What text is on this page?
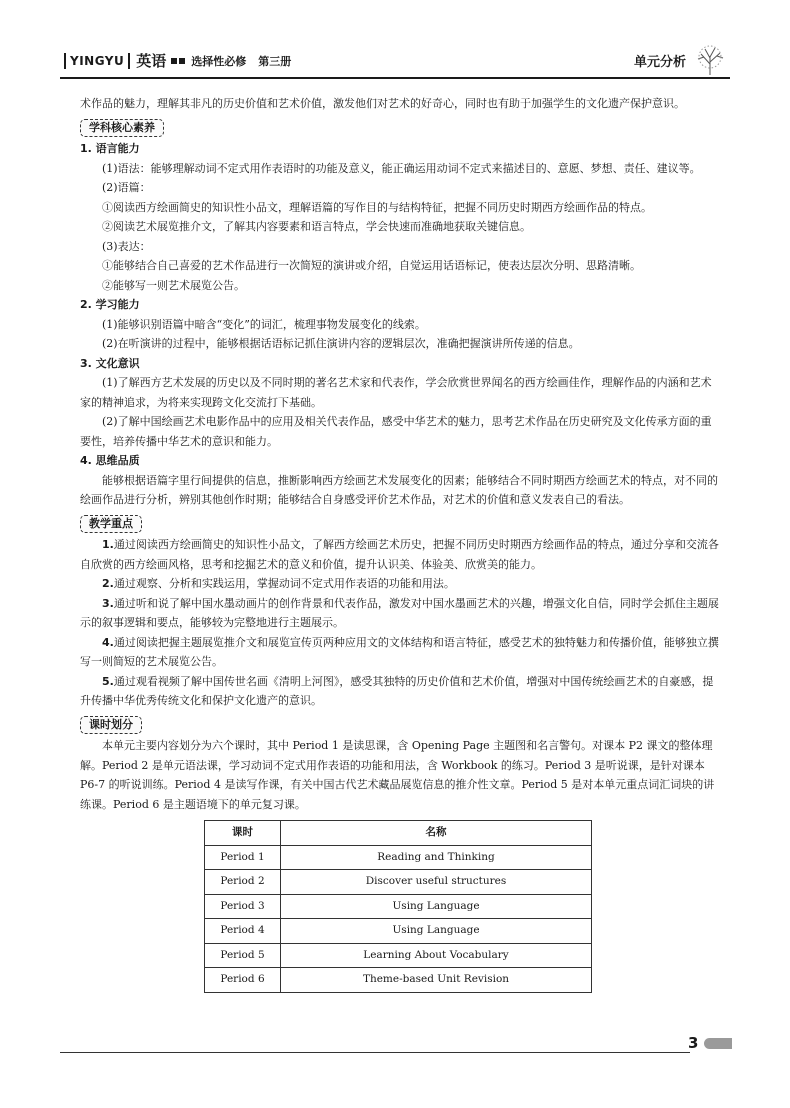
YINGYU 英语 选择性必修 第三册	单元分析

术作品的魅力，理解其非凡的历史价值和艺术价值，激发他们对艺术的好奇心，同时也有助于加强学生的文化遗产保护意识。

学科核心素养

1. 语言能力

(1)语法：能够理解动词不定式用作表语时的功能及意义，能正确运用动词不定式来描述目的、意愿、梦想、责任、建议等。

(2)语篇：

①阅读西方绘画简史的知识性小品文，理解语篇的写作目的与结构特征，把握不同历史时期西方绘画作品的特点。

②阅读艺术展览推介文，了解其内容要素和语言特点，学会快速而准确地获取关键信息。

(3)表达：

①能够结合自己喜爱的艺术作品进行一次简短的演讲或介绍，自觉运用话语标记，使表达层次分明、思路清晰。

②能够写一则艺术展览公告。

2. 学习能力

(1)能够识别语篇中暗含“变化”的词汇，梳理事物发展变化的线索。

(2)在听演讲的过程中，能够根据话语标记抓住演讲内容的逻辑层次，准确把握演讲所传递的信息。

3. 文化意识

(1)了解西方艺术发展的历史以及不同时期的著名艺术家和代表作，学会欣赏世界闻名的西方绘画佳作，理解作品的内涵和艺术家的精神追求，为将来实现跨文化交流打下基础。

(2)了解中国绘画艺术电影作品中的应用及相关代表作品，感受中华艺术的魅力，思考艺术作品在历史研究及文化传承方面的重要性，培养传播中华艺术的意识和能力。

4. 思维品质

能够根据语篇字里行间提供的信息，推断影响西方绘画艺术发展变化的因素；能够结合不同时期西方绘画艺术的特点，对不同的绘画作品进行分析，辨别其他创作时期；能够结合自身感受评价艺术作品，对艺术的价值和意义发表自己的看法。

教学重点

1.通过阅读西方绘画简史的知识性小品文，了解西方绘画艺术历史，把握不同历史时期西方绘画作品的特点，通过分享和交流各自欣赏的西方绘画风格，思考和挖掘艺术的意义和价值，提升认识美、体验美、欣赏美的能力。

2.通过观察、分析和实践运用，掌握动词不定式用作表语的功能和用法。

3.通过听和说了解中国水墨动画片的创作背景和代表作品，激发对中国水墨画艺术的兴趣，增强文化自信，同时学会抓住主题展示的叙事逻辑和要点，能够较为完整地进行主题展示。

4.通过阅读把握主题展览推介文和展览宣传页两种应用文的文体结构和语言特征，感受艺术的独特魅力和传播价值，能够独立撰写一则简短的艺术展览公告。

5.通过观看视频了解中国传世名画《清明上河图》，感受其独特的历史价值和艺术价值，增强对中国传统绘画艺术的自豪感，提升传播中华优秀传统文化和保护文化遗产的意识。

课时划分

本单元主要内容划分为六个课时，其中 Period 1 是读思课，含 Opening Page 主题图和名言警句。对课本 P2 课文的整体理解。Period 2 是单元语法课，学习动词不定式用作表语的功能和用法，含 Workbook 的练习。Period 3 是听说课，是针对课本 P6-7 的听说训练。Period 4 是读写作课，有关中国古代艺术藏品展览信息的推介性文章。Period 5 是对本单元重点词汇词块的讲练课。Period 6 是主题语境下的单元复习课。

课时	名称
Period 1	Reading and Thinking
Period 2	Discover useful structures
Period 3	Using Language
Period 4	Using Language
Period 5	Learning About Vocabulary
Period 6	Theme-based Unit Revision
3
